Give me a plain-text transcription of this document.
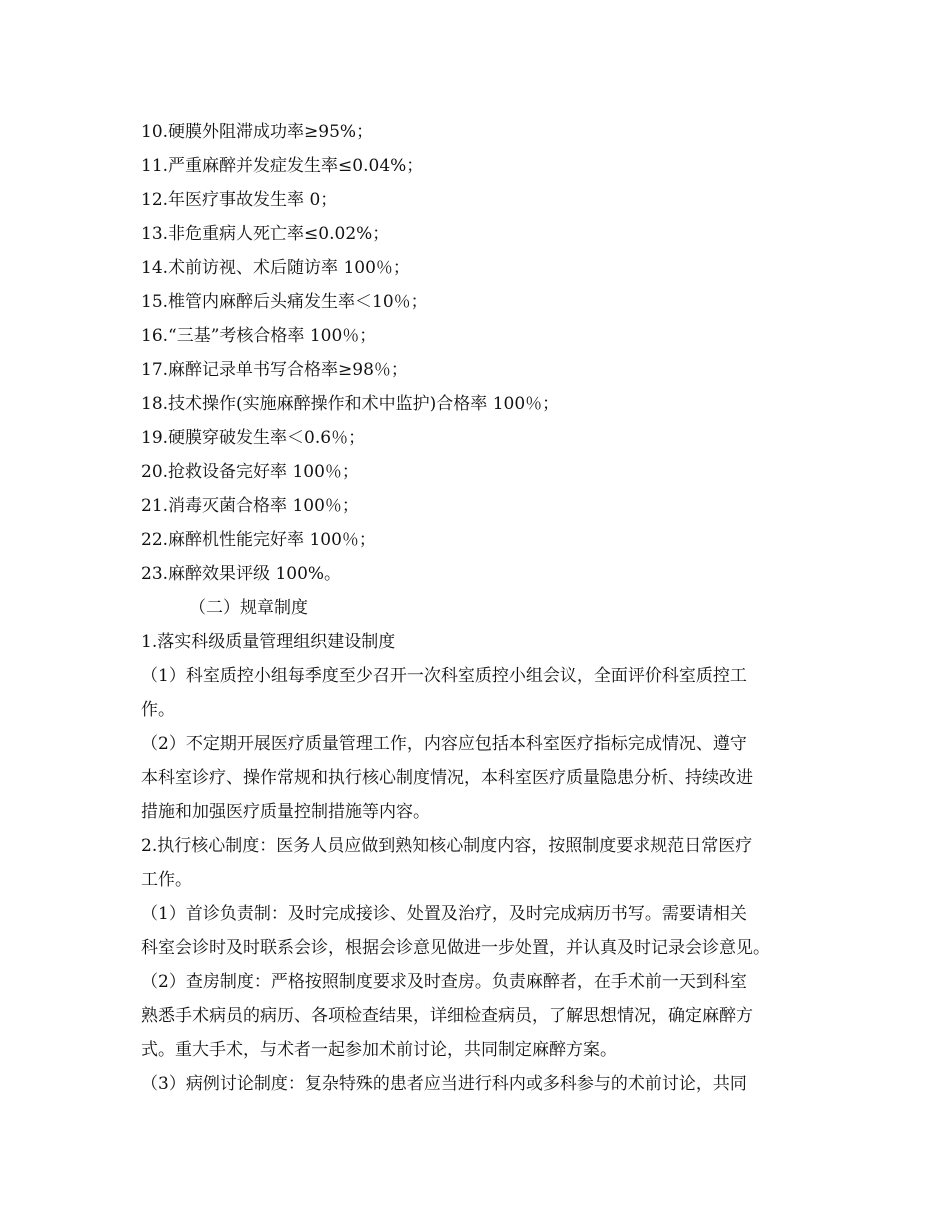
10.硬膜外阻滞成功率≥95%；
11.严重麻醉并发症发生率≤0.04%；
12.年医疗事故发生率 0；
13.非危重病人死亡率≤0.02%；
14.术前访视、术后随访率 100％；
15.椎管内麻醉后头痛发生率＜10％；
16.“三基”考核合格率 100％；
17.麻醉记录单书写合格率≥98％；
18.技术操作(实施麻醉操作和术中监护)合格率 100％；
19.硬膜穿破发生率＜0.6％；
20.抢救设备完好率 100％；
21.消毒灭菌合格率 100％；
22.麻醉机性能完好率 100％；
23.麻醉效果评级 100%。
（二）规章制度
1.落实科级质量管理组织建设制度
（1）科室质控小组每季度至少召开一次科室质控小组会议，全面评价科室质控工
作。
（2）不定期开展医疗质量管理工作，内容应包括本科室医疗指标完成情况、遵守
本科室诊疗、操作常规和执行核心制度情况，本科室医疗质量隐患分析、持续改进
措施和加强医疗质量控制措施等内容。
2.执行核心制度：医务人员应做到熟知核心制度内容，按照制度要求规范日常医疗
工作。
（1）首诊负责制：及时完成接诊、处置及治疗，及时完成病历书写。需要请相关
科室会诊时及时联系会诊，根据会诊意见做进一步处置，并认真及时记录会诊意见。
（2）查房制度：严格按照制度要求及时查房。负责麻醉者，在手术前一天到科室
熟悉手术病员的病历、各项检查结果，详细检查病员，了解思想情况，确定麻醉方
式。重大手术，与术者一起参加术前讨论，共同制定麻醉方案。
（3）病例讨论制度：复杂特殊的患者应当进行科内或多科参与的术前讨论，共同
